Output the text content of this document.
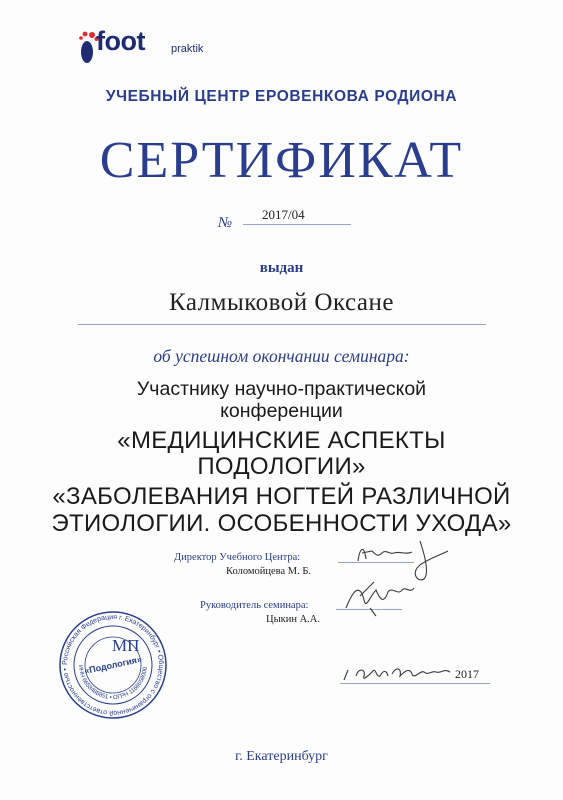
foot praktik
УЧЕБНЫЙ ЦЕНТР ЕРОВЕНКОВА РОДИОНА
СЕРТИФИКАТ
№
2017/04
выдан
Калмыковой Оксане
об успешном окончании семинара:
Участнику научно-практической
конференции
«МЕДИЦИНСКИЕ АСПЕКТЫ
ПОДОЛОГИИ»
«ЗАБОЛЕВАНИЯ НОГТЕЙ РАЗЛИЧНОЙ
ЭТИОЛОГИИ. ОСОБЕННОСТИ УХОДА»
Директор Учебного Центра:
Коломойцева М. Б.
Руководитель семинара:
Цыкин А.А.
2017
Российская Федерация г. Екатеринбург • Общество с ограниченной ответственностью •	ИНН 6658488851 • ОГРН 1166658000
«Подология»
МП
г. Екатеринбург
